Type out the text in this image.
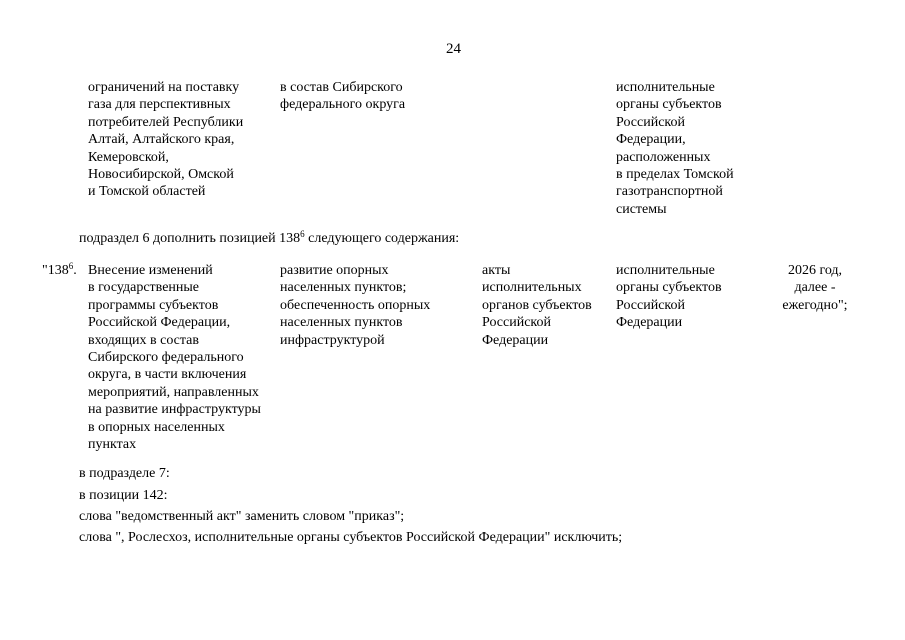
24
ограничений на поставку
газа для перспективных
потребителей Республики
Алтай, Алтайского края,
Кемеровской,
Новосибирской, Омской
и Томской областей
в состав Сибирского
федерального округа
исполнительные
органы субъектов
Российской
Федерации,
расположенных
в пределах Томской
газотранспортной
системы
подраздел 6 дополнить позицией $138^6$ следующего содержания:
"$138^6$. Внесение изменений
в государственные
программы субъектов
Российской Федерации,
входящих в состав
Сибирского федерального
округа, в части включения
мероприятий, направленных
на развитие инфраструктуры
в опорных населенных
пунктах
развитие опорных
населенных пунктов;
обеспеченность опорных
населенных пунктов
инфраструктурой
акты
исполнительных
органов субъектов
Российской
Федерации
исполнительные
органы субъектов
Российской
Федерации
2026 год,
далее -
ежегодно";
в подразделе 7:
в позиции 142:
слова "ведомственный акт" заменить словом "приказ";
слова ", Рослесхоз, исполнительные органы субъектов Российской Федерации" исключить;
